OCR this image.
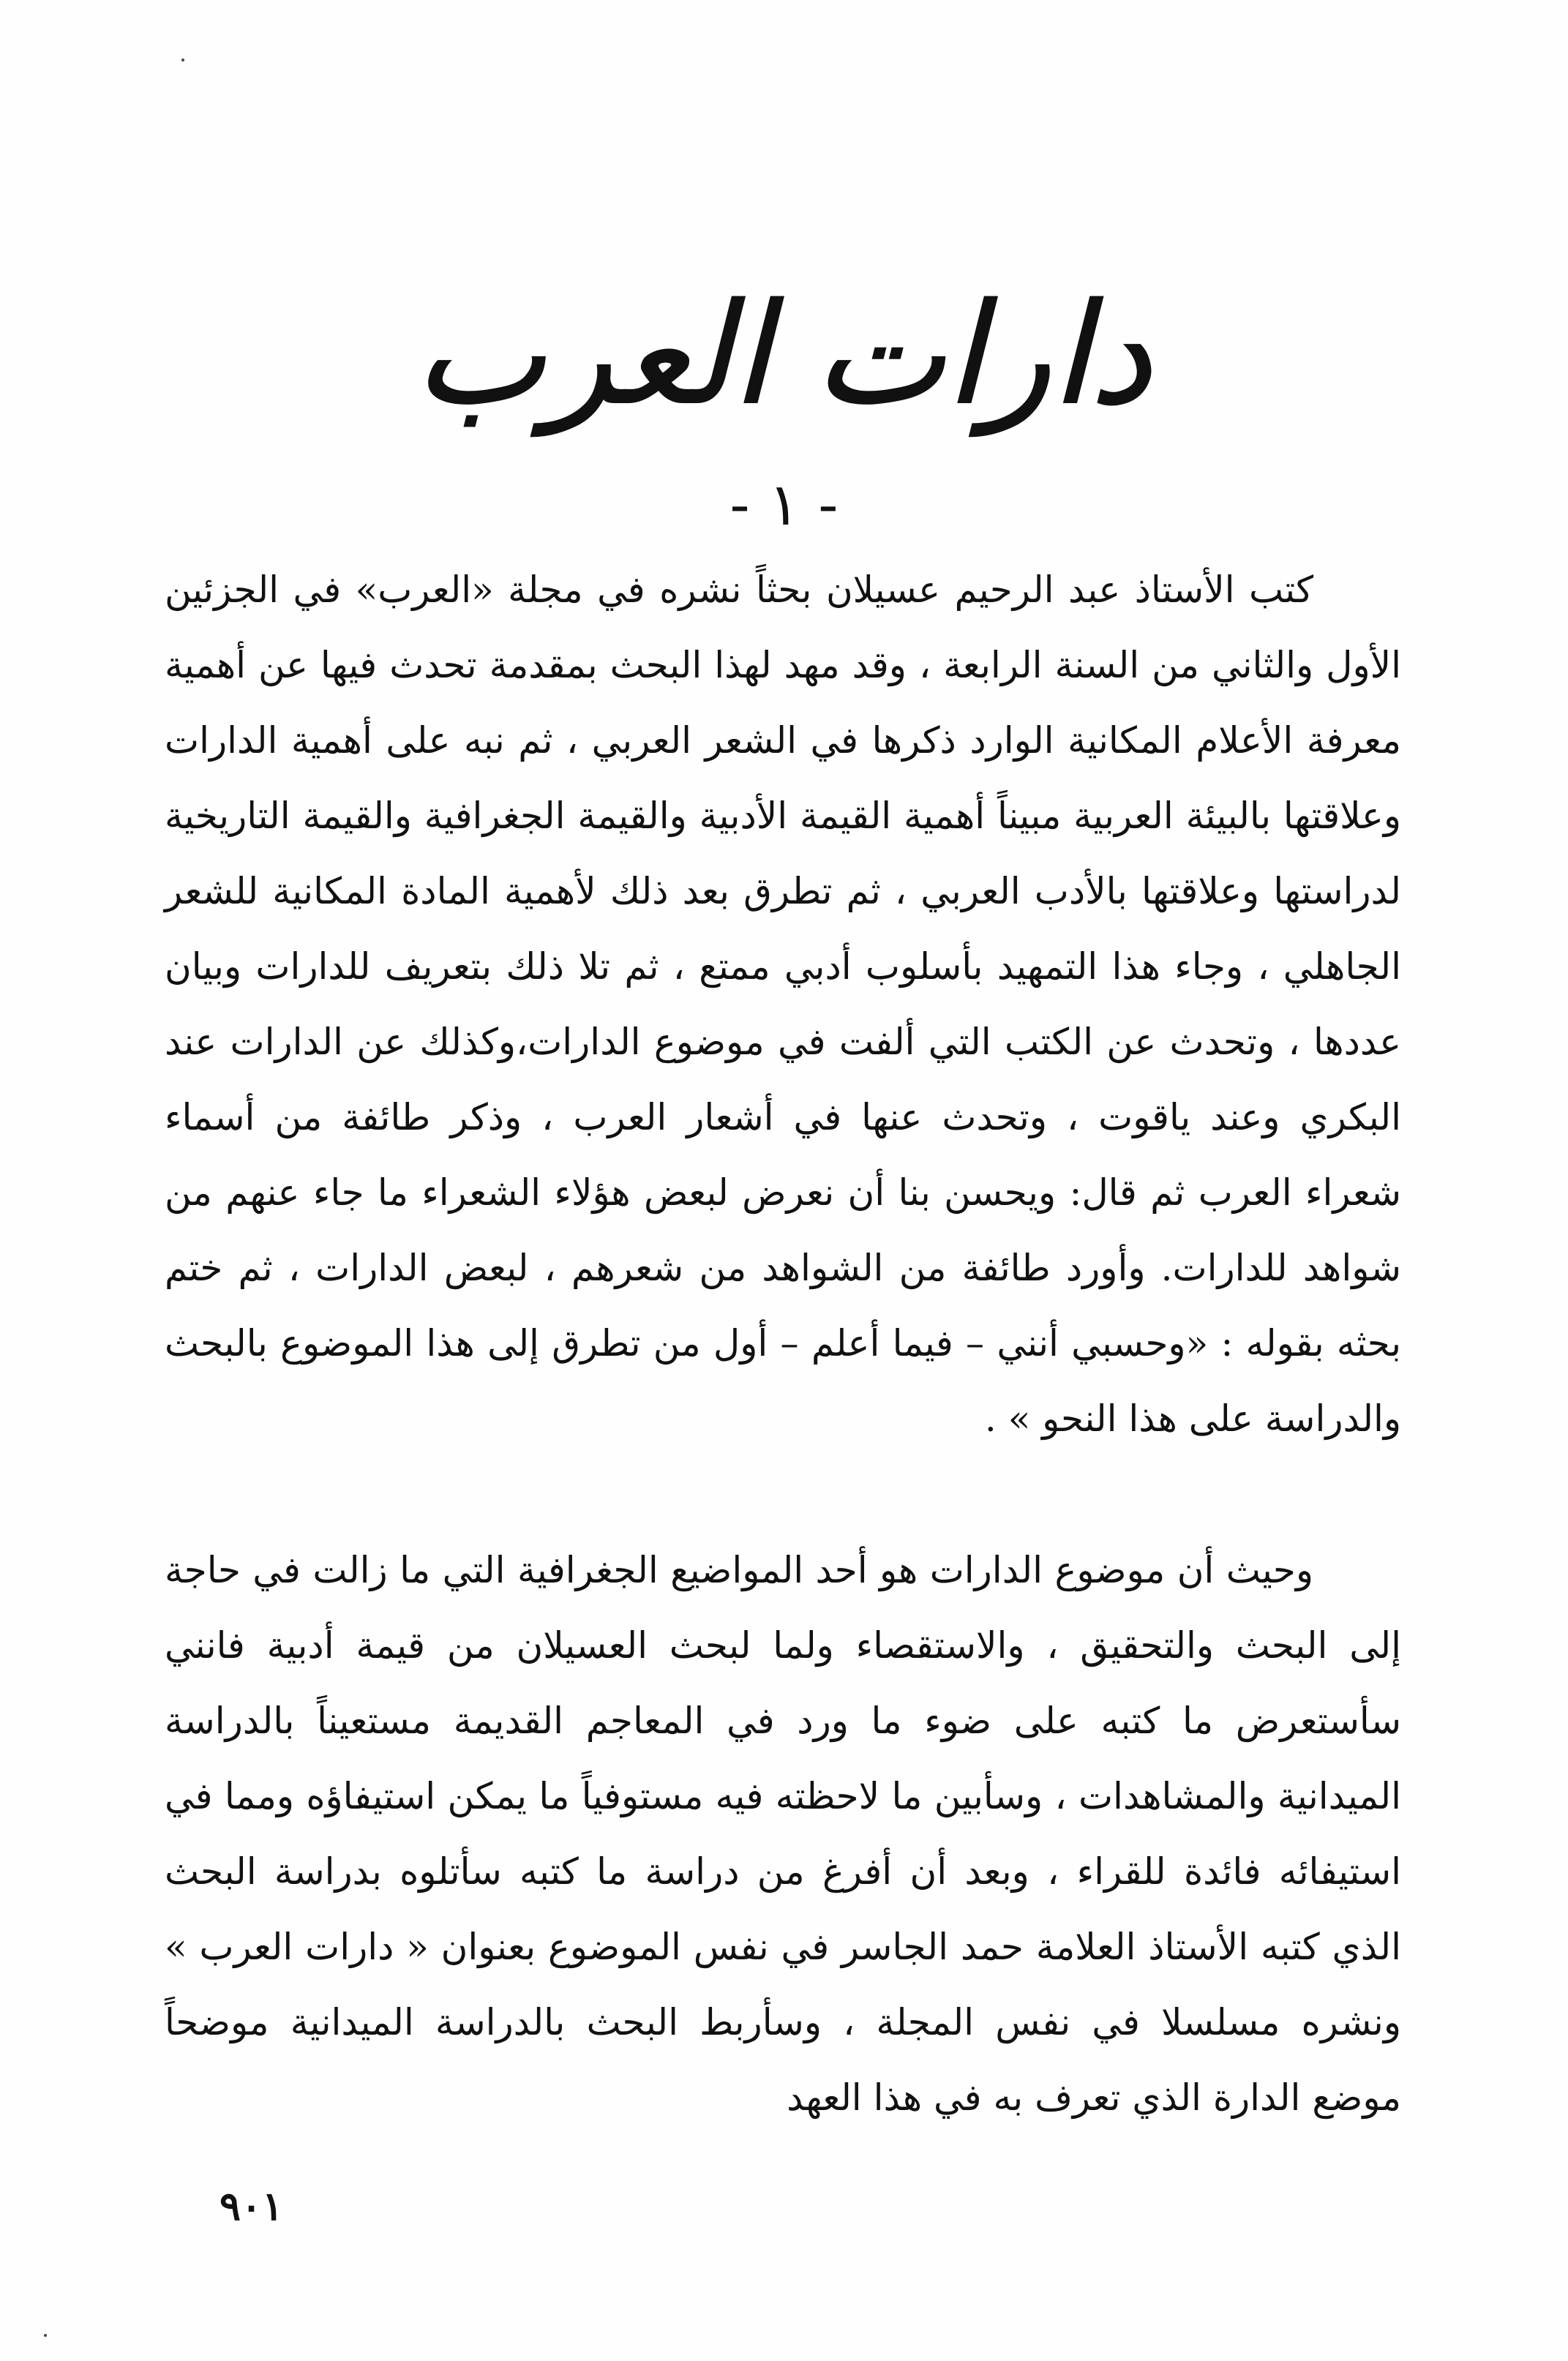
دارات العرب
- ١ -

كتب الأستاذ عبد الرحيم عسيلان بحثاً نشره في مجلة «العرب» في الجزئين الأول والثاني من السنة الرابعة ، وقد مهد لهذا البحث بمقدمة تحدث فيها عن أهمية معرفة الأعلام المكانية الوارد ذكرها في الشعر العربي ، ثم نبه على أهمية الدارات وعلاقتها بالبيئة العربية مبيناً أهمية القيمة الأدبية والقيمة الجغرافية والقيمة التاريخية لدراستها وعلاقتها بالأدب العربي ، ثم تطرق بعد ذلك لأهمية المادة المكانية للشعر الجاهلي ، وجاء هذا التمهيد بأسلوب أدبي ممتع ، ثم تلا ذلك بتعريف للدارات وبيان عددها ، وتحدث عن الكتب التي ألفت في موضوع الدارات،وكذلك عن الدارات عند البكري وعند ياقوت ، وتحدث عنها في أشعار العرب ، وذكر طائفة من أسماء شعراء العرب ثم قال: ويحسن بنا أن نعرض لبعض هؤلاء الشعراء ما جاء عنهم من شواهد للدارات. وأورد طائفة من الشواهد من شعرهم ، لبعض الدارات ، ثم ختم بحثه بقوله : «وحسبي أنني – فيما أعلم – أول من تطرق إلى هذا الموضوع بالبحث والدراسة على هذا النحو » .

وحيث أن موضوع الدارات هو أحد المواضيع الجغرافية التي ما زالت في حاجة إلى البحث والتحقيق ، والاستقصاء ولما لبحث العسيلان من قيمة أدبية فانني سأستعرض ما كتبه على ضوء ما ورد في المعاجم القديمة مستعيناً بالدراسة الميدانية والمشاهدات ، وسأبين ما لاحظته فيه مستوفياً ما يمكن استيفاؤه ومما في استيفائه فائدة للقراء ، وبعد أن أفرغ من دراسة ما كتبه سأتلوه بدراسة البحث الذي كتبه الأستاذ العلامة حمد الجاسر في نفس الموضوع بعنوان « دارات العرب » ونشره مسلسلا في نفس المجلة ، وسأربط البحث بالدراسة الميدانية موضحاً موضع الدارة الذي تعرف به في هذا العهد

٩٠١
